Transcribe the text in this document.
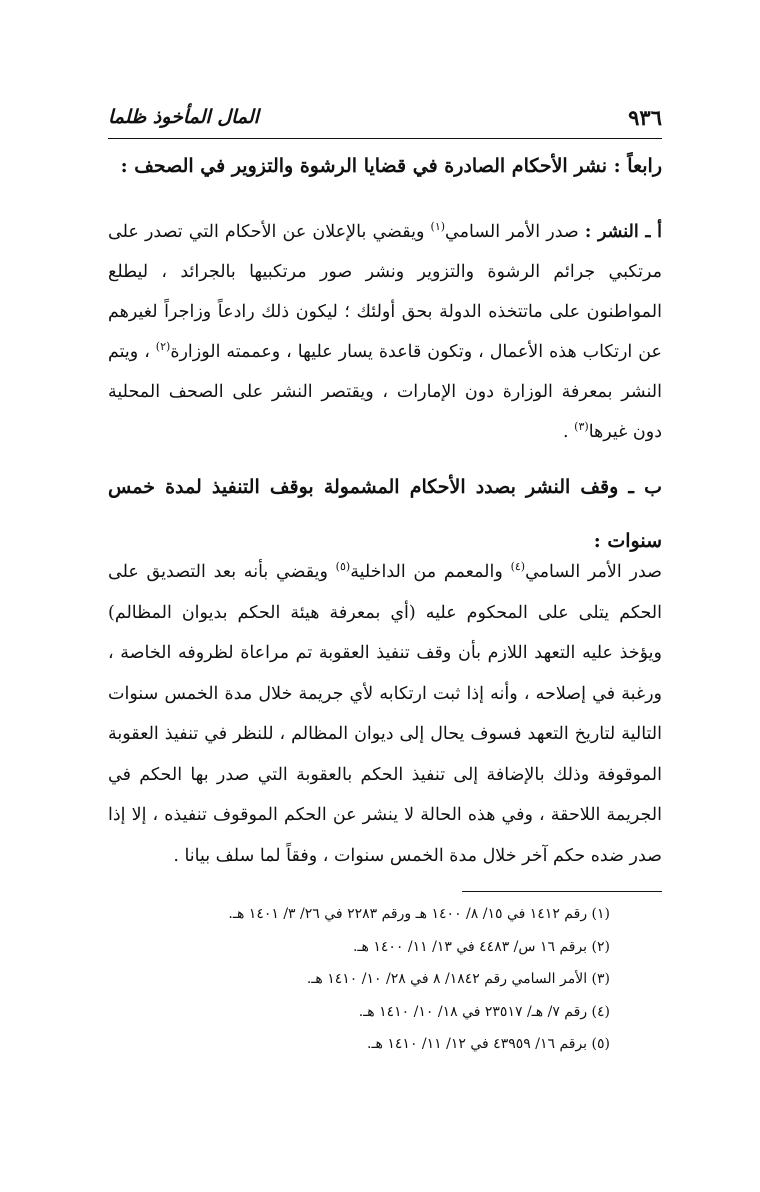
المال المأخوذ ظلما	٩٣٦
رابعاً : نشر الأحكام الصادرة في قضايا الرشوة والتزوير في الصحف :
أ ـ النشر : صدر الأمر السامي$^{(١)}$ ويقضي بالإعلان عن الأحكام التي تصدر على مرتكبي جرائم الرشوة والتزوير ونشر صور مرتكبيها بالجرائد ، ليطلع المواطنون على ماتتخذه الدولة بحق أولئك ؛ ليكون ذلك رادعاً وزاجراً لغيرهم عن ارتكاب هذه الأعمال ، وتكون قاعدة يسار عليها ، وعممته الوزارة$^{(٢)}$ ، ويتم النشر بمعرفة الوزارة دون الإمارات ، ويقتصر النشر على الصحف المحلية دون غيرها$^{(٣)}$ .
ب ـ وقف النشر بصدد الأحكام المشمولة بوقف التنفيذ لمدة خمس سنوات :
صدر الأمر السامي$^{(٤)}$ والمعمم من الداخلية$^{(٥)}$ ويقضي بأنه بعد التصديق على الحكم يتلى على المحكوم عليه (أي بمعرفة هيئة الحكم بديوان المظالم) ويؤخذ عليه التعهد اللازم بأن وقف تنفيذ العقوبة تم مراعاة لظروفه الخاصة ، ورغبة في إصلاحه ، وأنه إذا ثبت ارتكابه لأي جريمة خلال مدة الخمس سنوات التالية لتاريخ التعهد فسوف يحال إلى ديوان المظالم ، للنظر في تنفيذ العقوبة الموقوفة وذلك بالإضافة إلى تنفيذ الحكم بالعقوبة التي صدر بها الحكم في الجريمة اللاحقة ، وفي هذه الحالة لا ينشر عن الحكم الموقوف تنفيذه ، إلا إذا صدر ضده حكم آخر خلال مدة الخمس سنوات ، وفقاً لما سلف بيانا .
(١) رقم ١٤١٢ في ١٥/ ٨/ ١٤٠٠ هـ ورقم ٢٢٨٣ في ٢٦/ ٣/ ١٤٠١ هـ.
(٢) برقم ١٦ س/ ٤٤٨٣ في ١٣/ ١١/ ١٤٠٠ هـ.
(٣) الأمر السامي رقم ١٨٤٢/ ٨ في ٢٨/ ١٠/ ١٤١٠ هـ.
(٤) رقم ٧/ هـ/ ٢٣٥١٧ في ١٨/ ١٠/ ١٤١٠ هـ.
(٥) برقم ١٦/ ٤٣٩٥٩ في ١٢/ ١١/ ١٤١٠ هـ.
